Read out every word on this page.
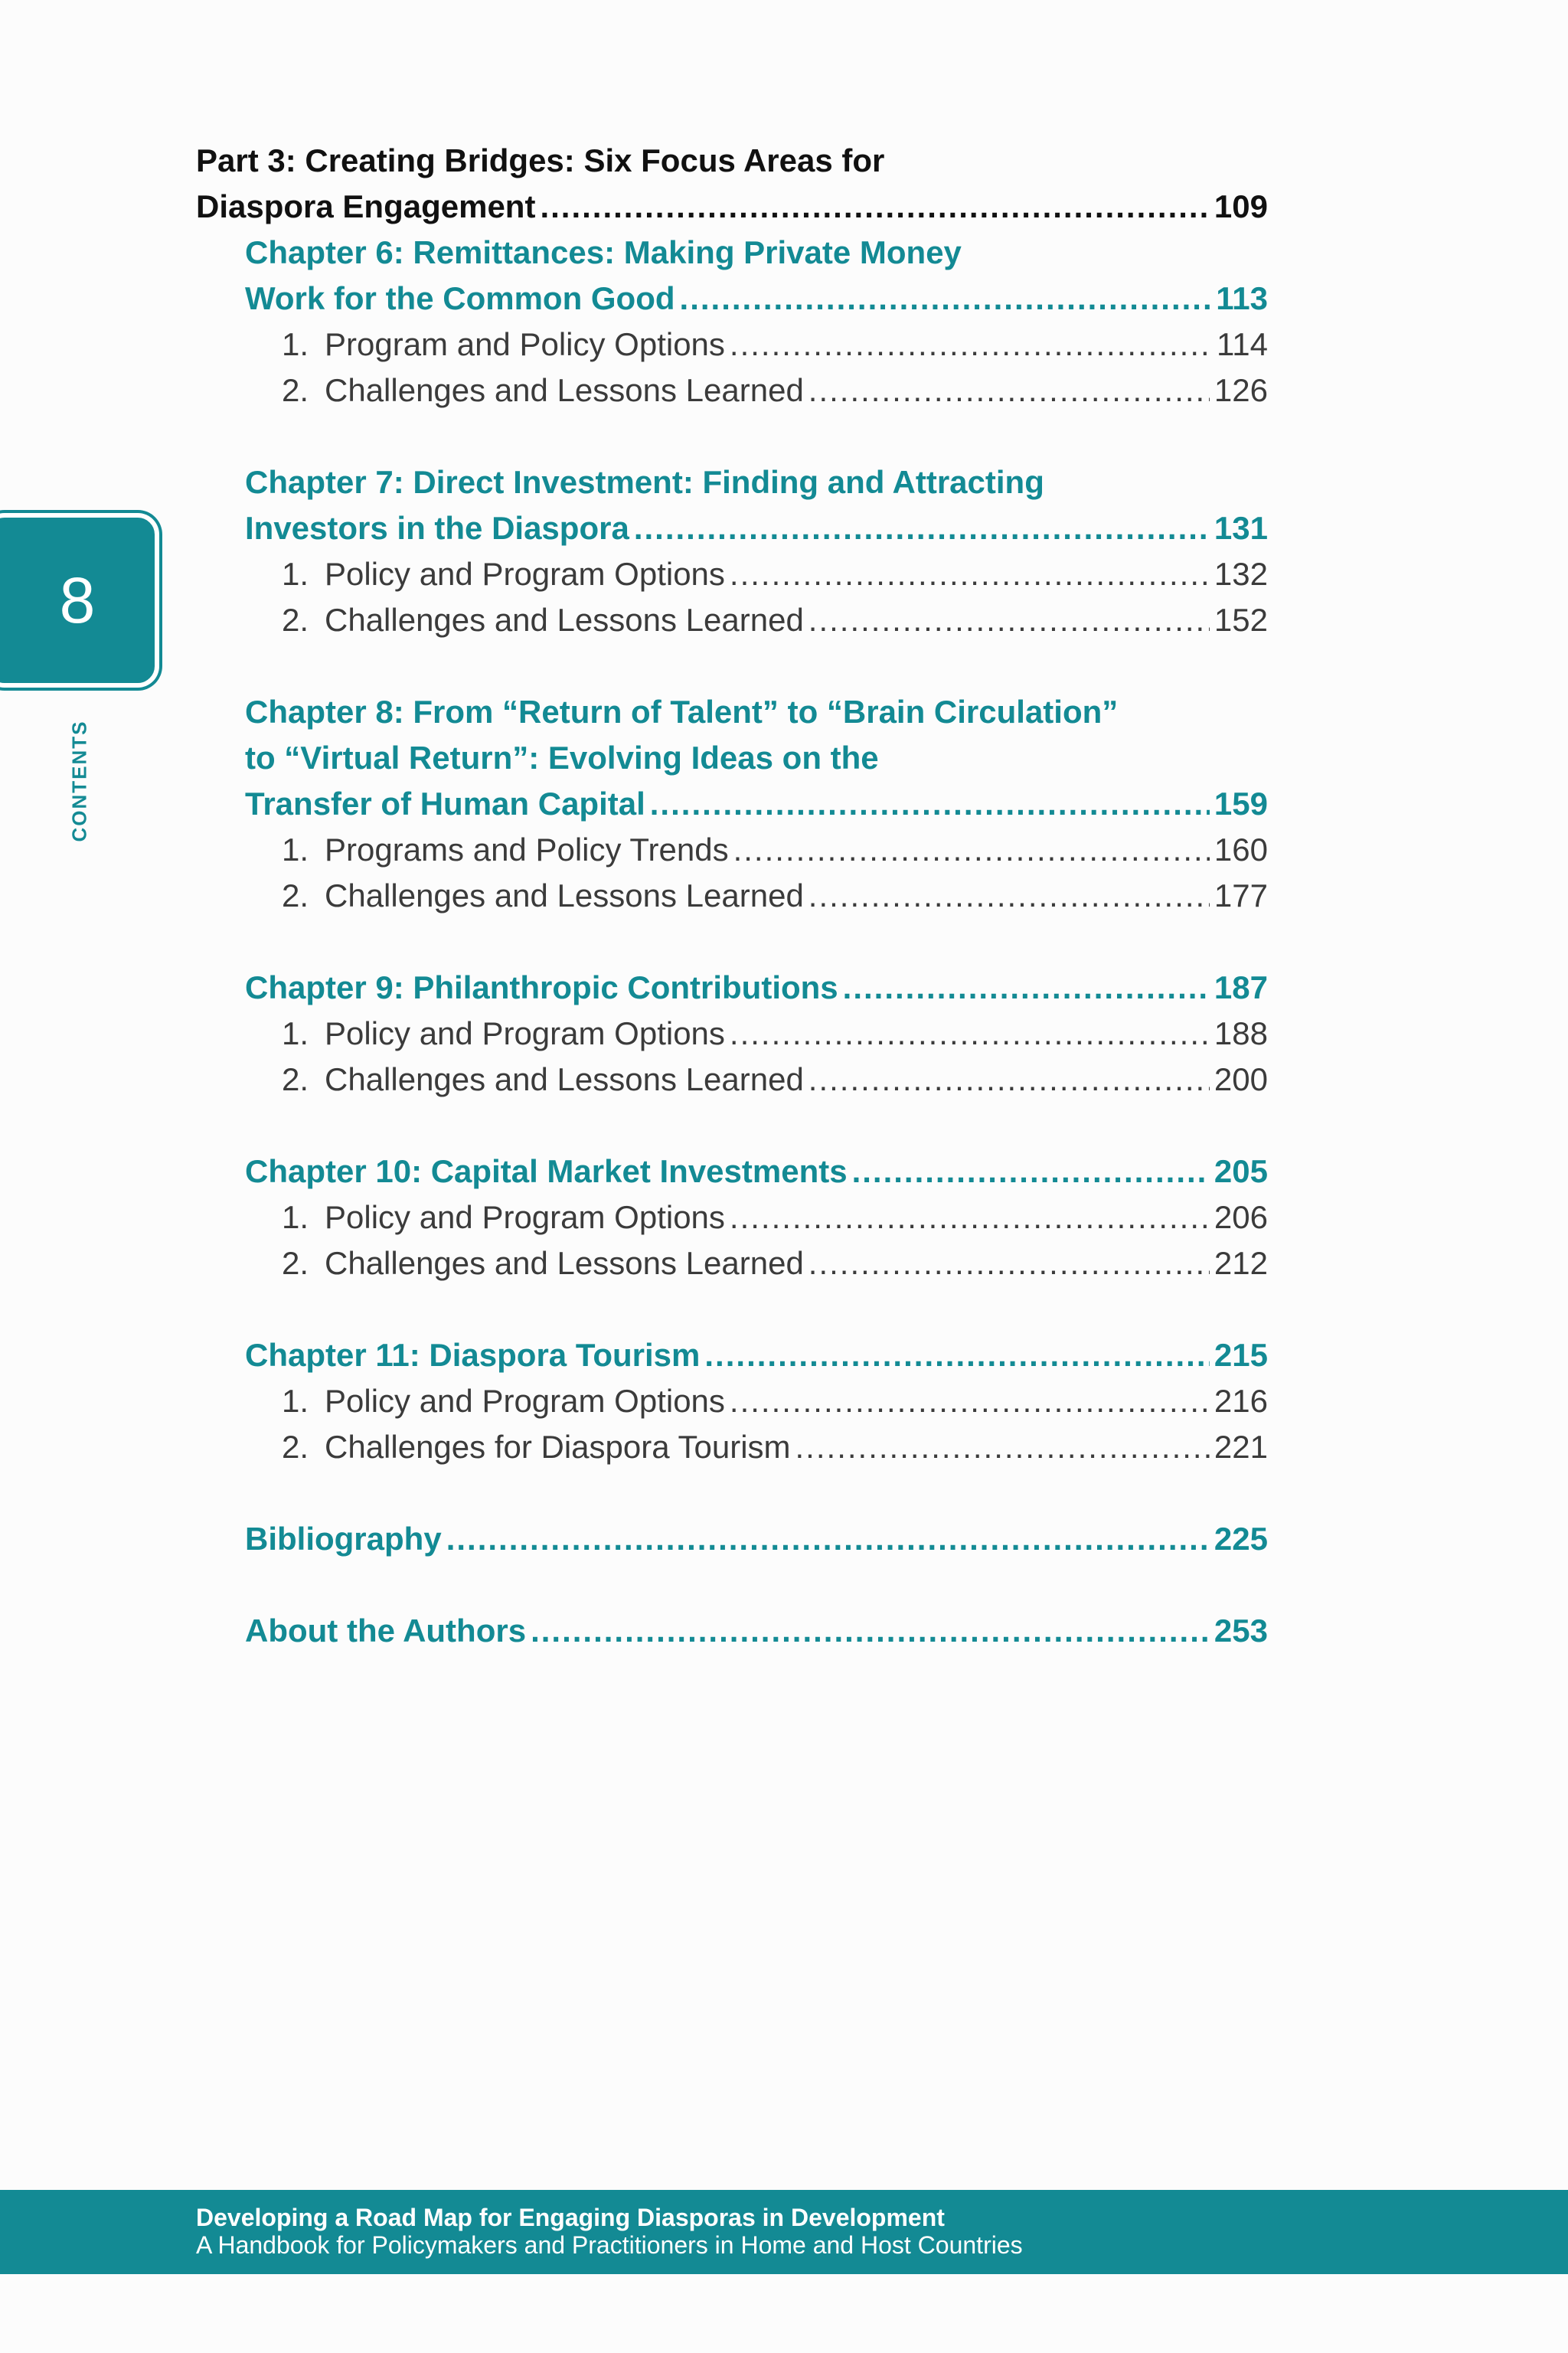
8
CONTENTS
Part 3: Creating Bridges: Six Focus Areas for
Diaspora Engagement .....	109
Chapter 6: Remittances: Making Private Money
Work for the Common Good .....	113
1. Program and Policy Options .....	114
2. Challenges and Lessons Learned .....	126
Chapter 7: Direct Investment: Finding and Attracting
Investors in the Diaspora .....	131
1. Policy and Program Options .....	132
2. Challenges and Lessons Learned .....	152
Chapter 8: From “Return of Talent” to “Brain Circulation”
to “Virtual Return”: Evolving Ideas on the
Transfer of Human Capital .....	159
1. Programs and Policy Trends .....	160
2. Challenges and Lessons Learned .....	177
Chapter 9: Philanthropic Contributions .....	187
1. Policy and Program Options .....	188
2. Challenges and Lessons Learned .....	200
Chapter 10: Capital Market Investments .....	205
1. Policy and Program Options .....	206
2. Challenges and Lessons Learned .....	212
Chapter 11: Diaspora Tourism .....	215
1. Policy and Program Options .....	216
2. Challenges for Diaspora Tourism .....	221
Bibliography .....	225
About the Authors .....	253
Developing a Road Map for Engaging Diasporas in Development
A Handbook for Policymakers and Practitioners in Home and Host Countries
